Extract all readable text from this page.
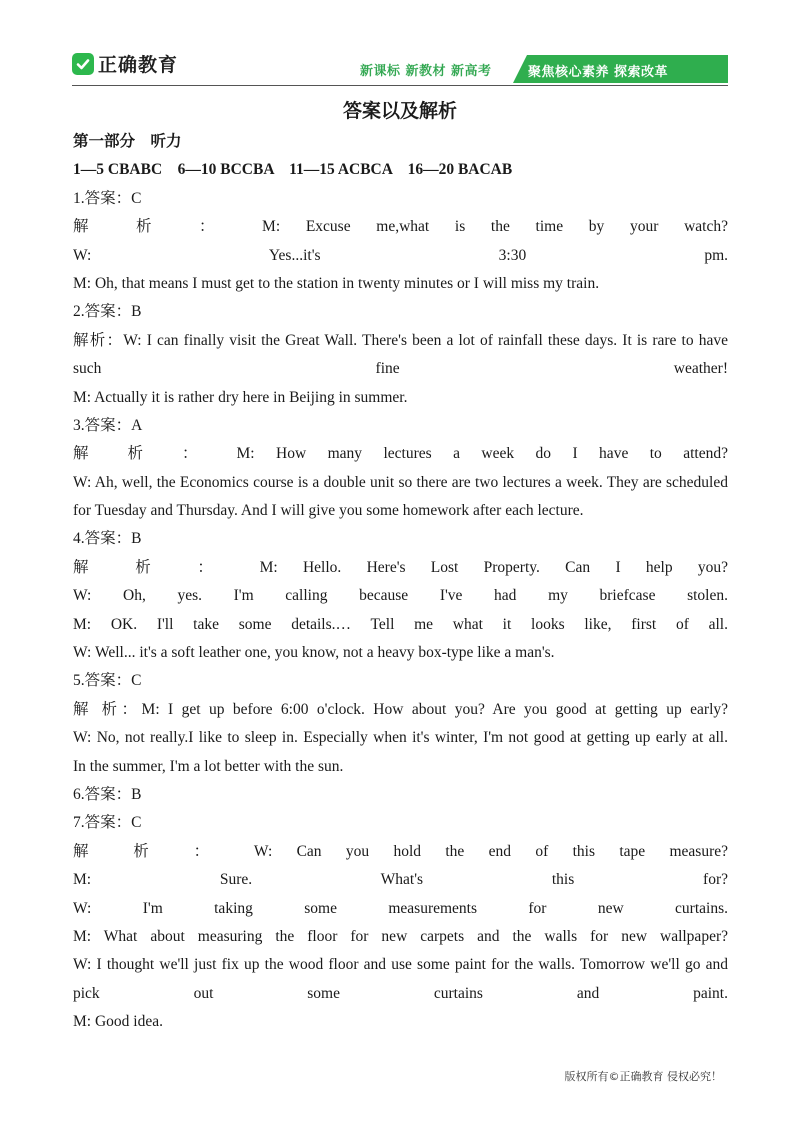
正确教育	新课标 新教材 新高考	聚焦核心素养 探索改革
答案以及解析
第一部分　听力
1—5 CBABC　6—10 BCCBA　11—15 ACBCA　16—20 BACAB
1.答案：C
解 析 ： M: Excuse me,what is the time by your watch?
W: Yes...it's 3:30 pm.
M: Oh, that means I must get to the station in twenty minutes or I will miss my train.
2.答案：B
解析：W: I can finally visit the Great Wall. There's been a lot of rainfall these days. It is rare to have
such fine weather!
M: Actually it is rather dry here in Beijing in summer.
3.答案：A
解 析 ： M: How many lectures a week do I have to attend?
W: Ah, well, the Economics course is a double unit so there are two lectures a week. They are scheduled
for Tuesday and Thursday. And I will give you some homework after each lecture.
4.答案：B
解 析 ： M: Hello. Here's Lost Property. Can I help you?
W: Oh, yes. I'm calling because I've had my briefcase stolen.
M: OK. I'll take some details.… Tell me what it looks like, first of all.
W: Well... it's a soft leather one, you know, not a heavy box-type like a man's.
5.答案：C
解 析：M: I get up before 6:00 o'clock. How about you? Are you good at getting up early?
W: No, not really.I like to sleep in. Especially when it's winter, I'm not good at getting up early at all.
In the summer, I'm a lot better with the sun.
6.答案：B
7.答案：C
解 析 ： W: Can you hold the end of this tape measure?
M: Sure. What's this for?
W: I'm taking some measurements for new curtains.
M: What about measuring the floor for new carpets and the walls for new wallpaper?
W: I thought we'll just fix up the wood floor and use some paint for the walls. Tomorrow we'll go and
pick out some curtains and paint.
M: Good idea.
版权所有©正确教育 侵权必究！
